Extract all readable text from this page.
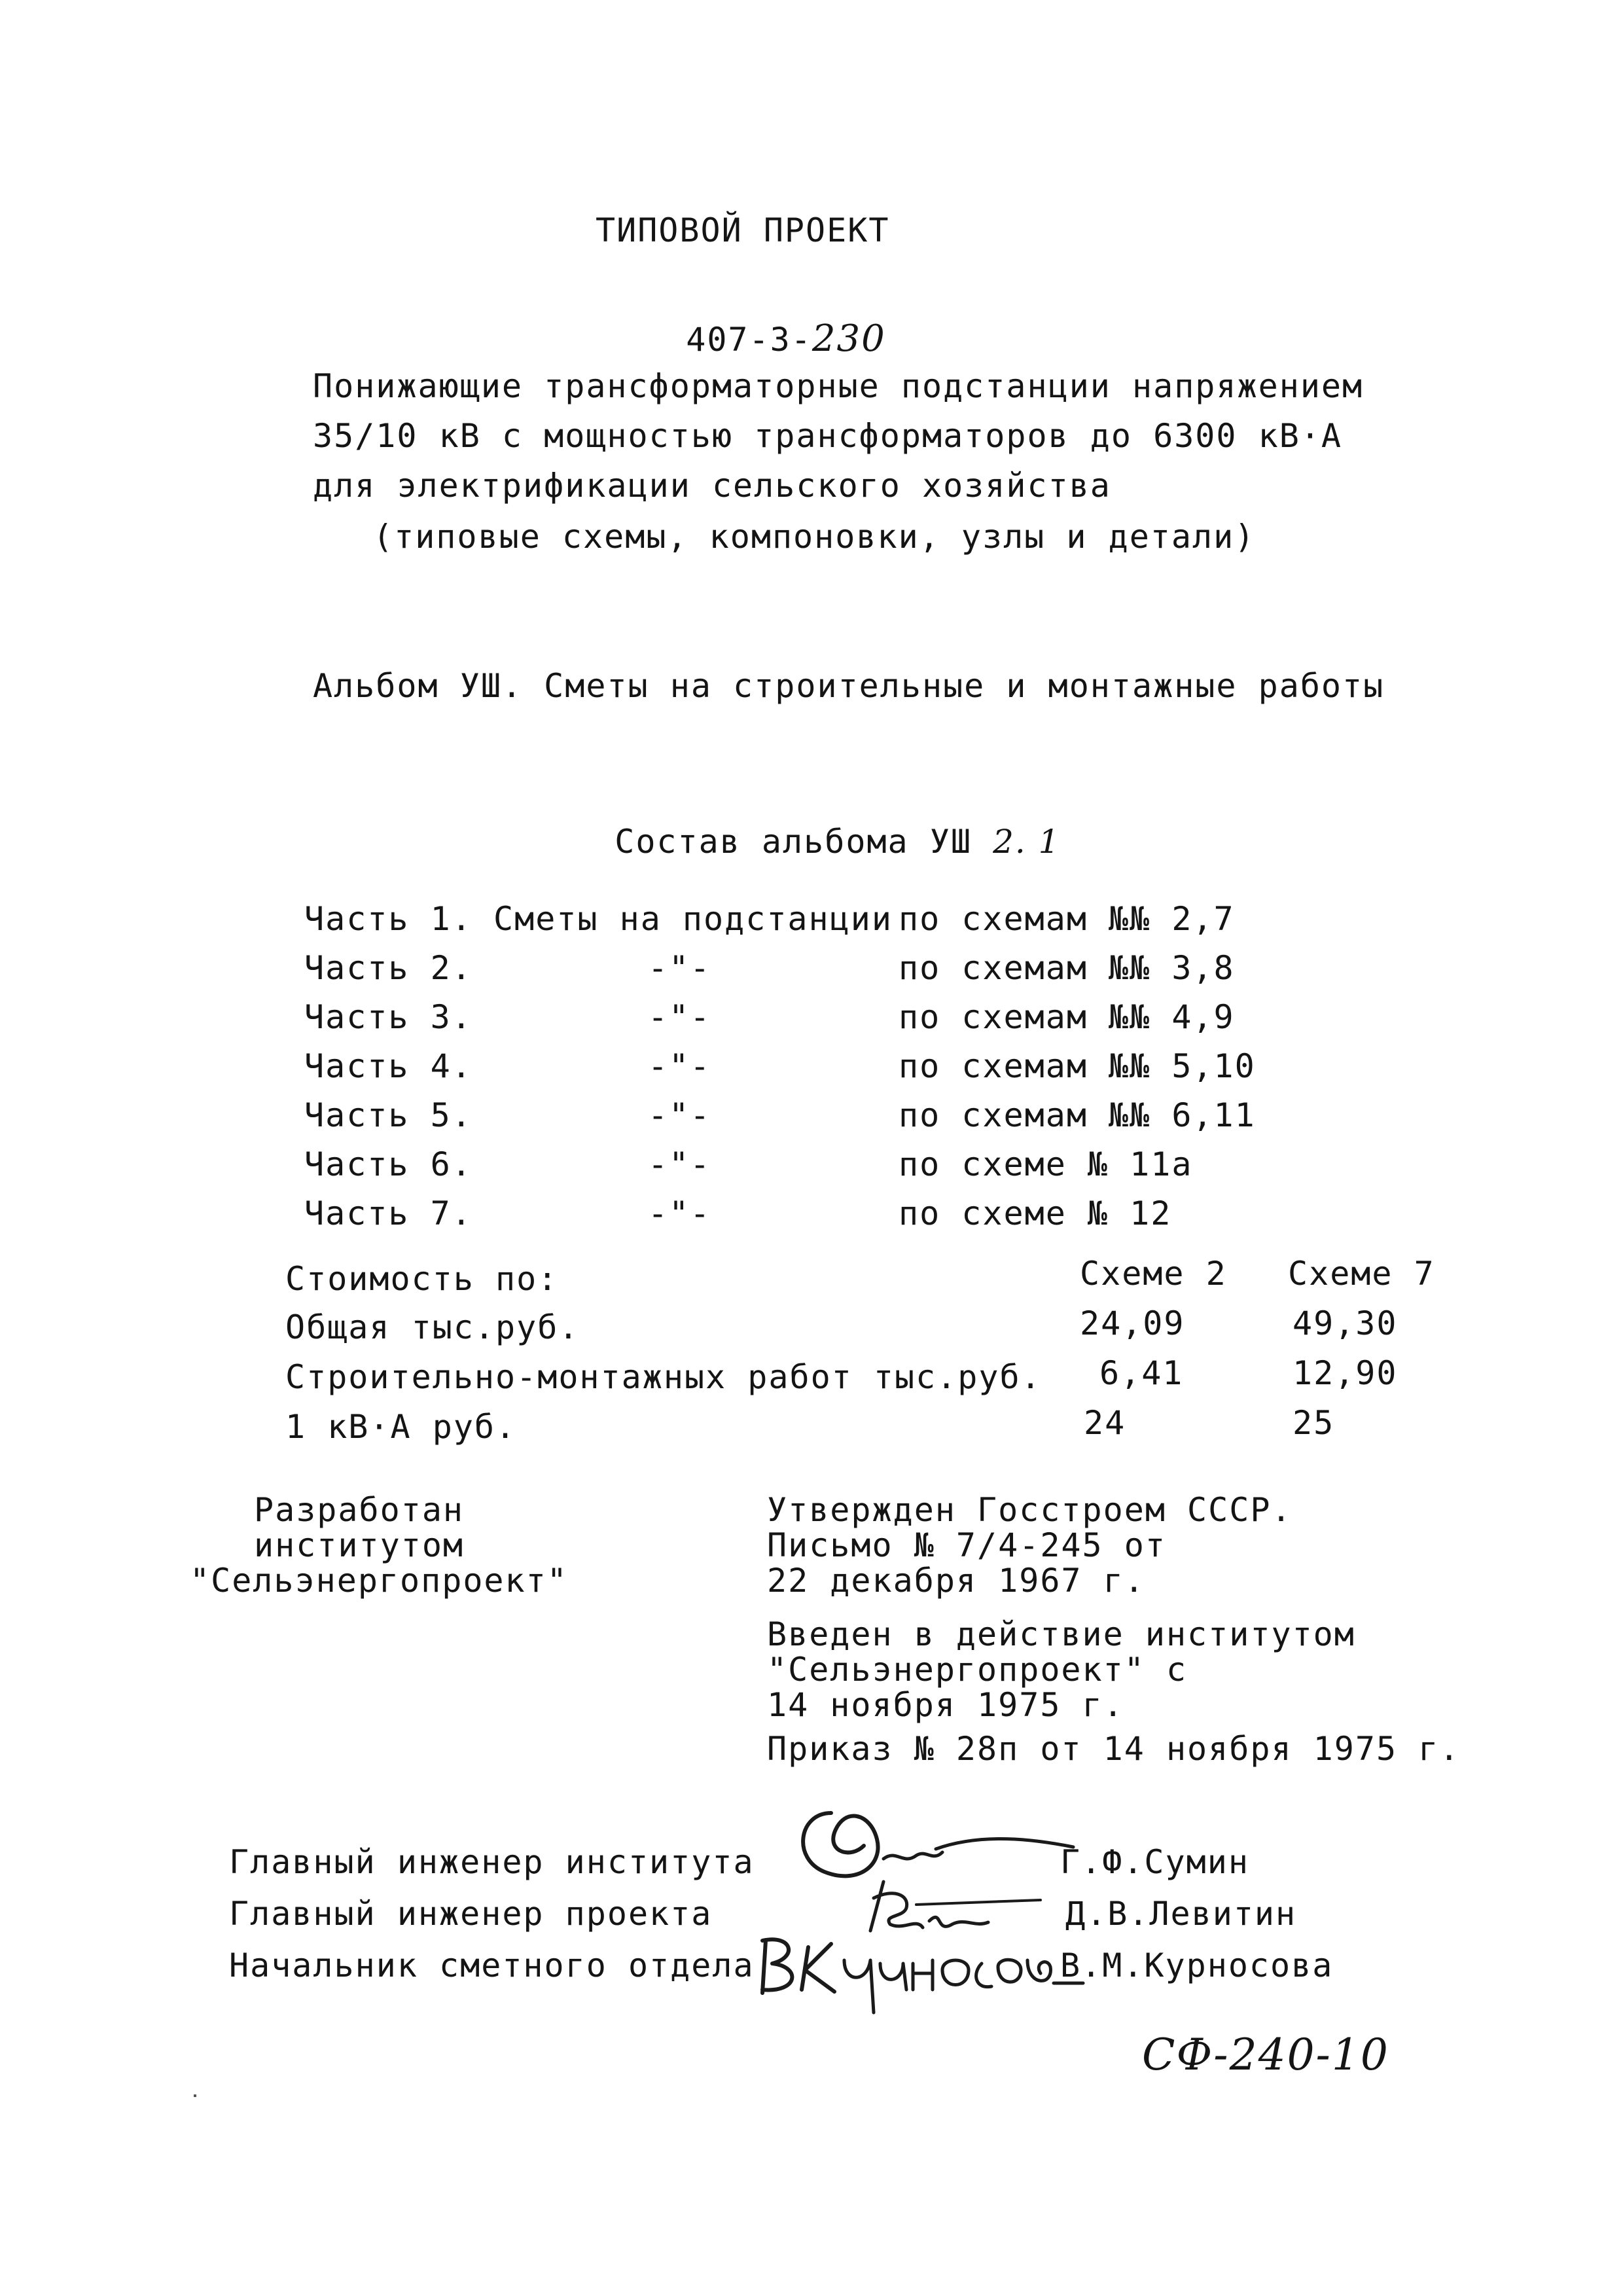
ТИПОВОЙ ПРОЕКТ

407-3-230

Понижающие трансформаторные подстанции напряжением
35/10 кВ с мощностью трансформаторов до 6300 кВ·А
для электрификации сельского хозяйства
(типовые схемы, компоновки, узлы и детали)
Альбом УШ. Сметы на строительные и монтажные работы

Состав альбома УШ 2. 1

Часть 1. Сметы на подстанции по схемам №№ 2,7
Часть 2.	-"-	по схемам №№ 3,8
Часть 3.	-"-	по схемам №№ 4,9
Часть 4.	-"-	по схемам №№ 5,10
Часть 5.	-"-	по схемам №№ 6,11
Часть 6.	-"-	по схеме № 11а
Часть 7.	-"-	по схеме № 12
Стоимость по:	Схеме 2 Схеме 7
Общая тыс.руб.	24,09	49,30
Строительно-монтажных работ тыс.руб. 6,41	12,90
1 кВ·А руб.	24	25
Разработан
институтом
"Сельэнергопроект"
Утвержден Госстроем СССР.
Письмо № 7/4-245 от
22 декабря 1967 г.
Введен в действие институтом
"Сельэнергопроект" с
14 ноября 1975 г.
Приказ № 28п от 14 ноября 1975 г.
Главный инженер института	Г.Ф.Сумин
Главный инженер проекта	Д.В.Левитин
Начальник сметного отдела	В.М.Курносова
СФ-240-10
